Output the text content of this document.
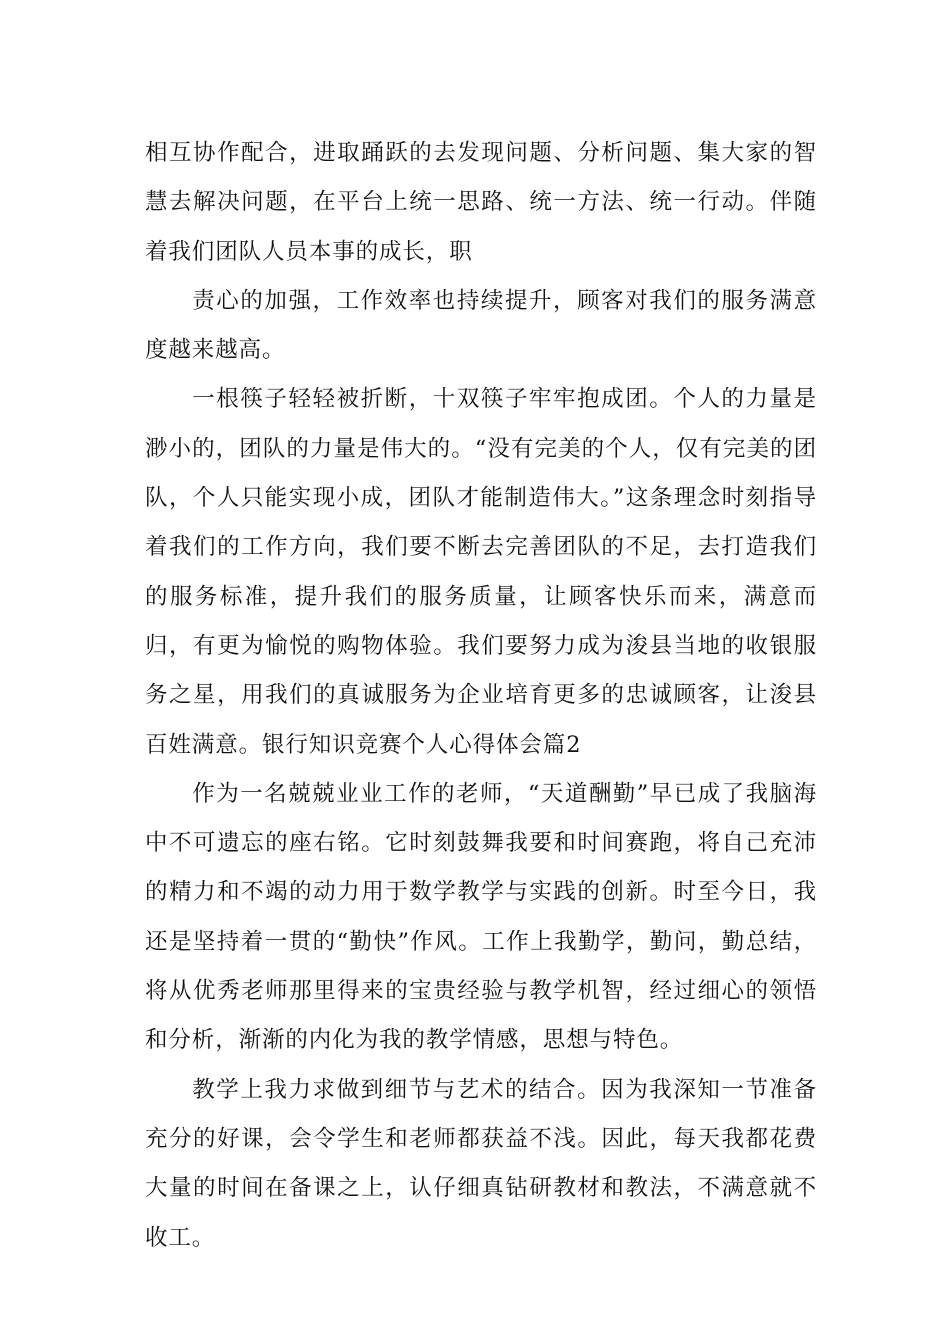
相互协作配合，进取踊跃的去发现问题、分析问题、集大家的智慧去解决问题，在平台上统一思路、统一方法、统一行动。伴随着我们团队人员本事的成长，职

责心的加强，工作效率也持续提升，顾客对我们的服务满意度越来越高。

一根筷子轻轻被折断，十双筷子牢牢抱成团。个人的力量是渺小的，团队的力量是伟大的。“没有完美的个人，仅有完美的团队，个人只能实现小成，团队才能制造伟大。”这条理念时刻指导着我们的工作方向，我们要不断去完善团队的不足，去打造我们的服务标准，提升我们的服务质量，让顾客快乐而来，满意而归，有更为愉悦的购物体验。我们要努力成为浚县当地的收银服务之星，用我们的真诚服务为企业培育更多的忠诚顾客，让浚县百姓满意。银行知识竞赛个人心得体会篇2

作为一名兢兢业业工作的老师，“天道酬勤”早已成了我脑海中不可遗忘的座右铭。它时刻鼓舞我要和时间赛跑，将自己充沛的精力和不竭的动力用于数学教学与实践的创新。时至今日，我还是坚持着一贯的“勤快”作风。工作上我勤学，勤问，勤总结，将从优秀老师那里得来的宝贵经验与教学机智，经过细心的领悟和分析，渐渐的内化为我的教学情感，思想与特色。

教学上我力求做到细节与艺术的结合。因为我深知一节准备充分的好课，会令学生和老师都获益不浅。因此，每天我都花费大量的时间在备课之上，认仔细真钻研教材和教法，不满意就不收工。
